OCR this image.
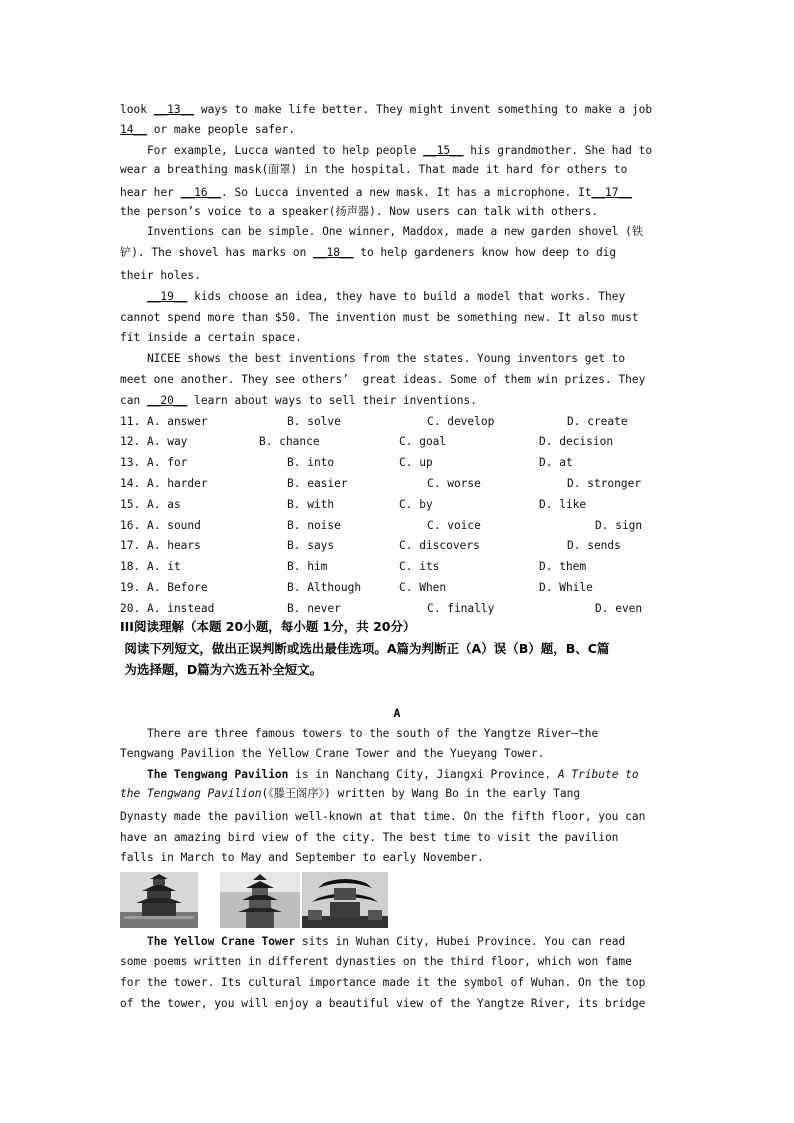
look __13__ ways to make life better. They might invent something to make a job
14__ or make people safer.
For example, Lucca wanted to help people __15__ his grandmother. She had to
wear a breathing mask(面罩) in the hospital. That made it hard for others to
hear her __16__. So Lucca invented a new mask. It has a microphone. It__17__
the person’s voice to a speaker(扬声器). Now users can talk with others.
Inventions can be simple. One winner, Maddox, made a new garden shovel (铁
铲). The shovel has marks on __18__ to help gardeners know how deep to dig
their holes.
__19__ kids choose an idea, they have to build a model that works. They
cannot spend more than $50. The invention must be something new. It also must
fit inside a certain space.
NICEE shows the best inventions from the states. Young inventors get to
meet one another. They see others’  great ideas. Some of them win prizes. They
can __20__ learn about ways to sell their inventions.
11. A. answer	B. solve	C. develop	D. create
12. A. way	B. chance	C. goal	D. decision
13. A. for	B. into	C. up	D. at
14. A. harder	B. easier	C. worse	D. stronger
15. A. as	B. with	C. by	D. like
16. A. sound	B. noise	C. voice	D. sign
17. A. hears	B. says	C. discovers	D. sends
18. A. it	B. him	C. its	D. them
19. A. Before	B. Although	C. When	D. While
20. A. instead	B. never	C. finally	D. even
III阅读理解（本题 20小题，每小题 1分，共 20分）
阅读下列短文，做出正误判断或选出最佳选项。A篇为判断正（A）误（B）题，B、C篇
为选择题，D篇为六选五补全短文。
A
There are three famous towers to the south of the Yangtze River—the
Tengwang Pavilion the Yellow Crane Tower and the Yueyang Tower.
The Tengwang Pavilion is in Nanchang City, Jiangxi Province. A Tribute to
the Tengwang Pavilion(《滕王阁序》) written by Wang Bo in the early Tang
Dynasty made the pavilion well-known at that time. On the fifth floor, you can
have an amazing bird view of the city. The best time to visit the pavilion
falls in March to May and September to early November.
The Yellow Crane Tower sits in Wuhan City, Hubei Province. You can read
some poems written in different dynasties on the third floor, which won fame
for the tower. Its cultural importance made it the symbol of Wuhan. On the top
of the tower, you will enjoy a beautiful view of the Yangtze River, its bridge
